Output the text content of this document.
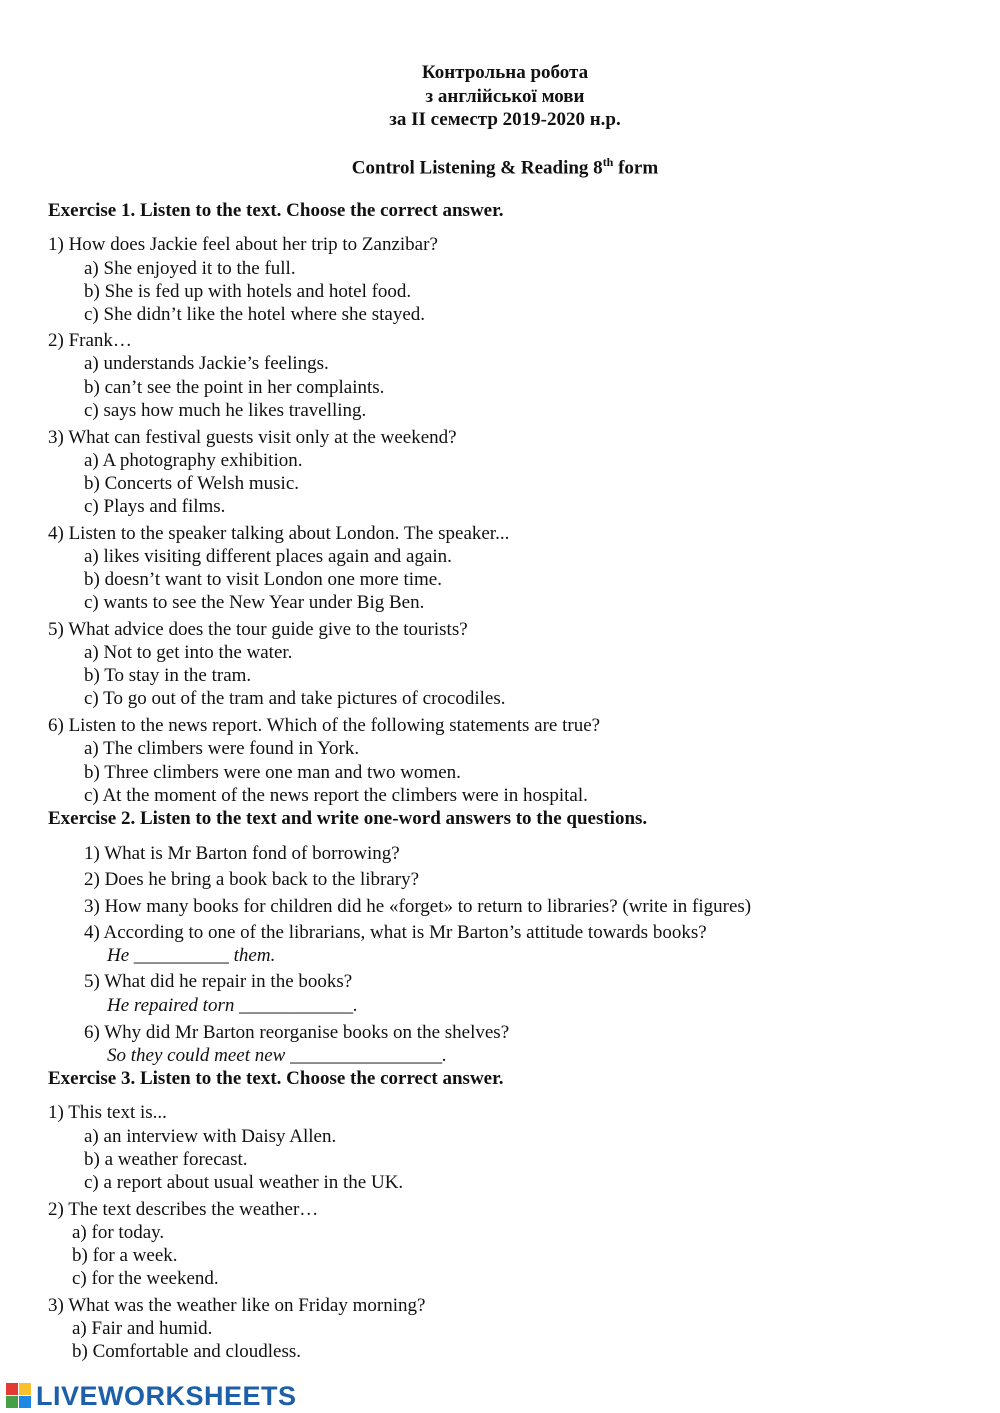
Контрольна робота
з англійської мови
за II семестр 2019-2020 н.р.
Control Listening & Reading 8th form
Exercise 1. Listen to the text. Choose the correct answer.
1) How does Jackie feel about her trip to Zanzibar?
a) She enjoyed it to the full.
b) She is fed up with hotels and hotel food.
c) She didn’t like the hotel where she stayed.
2) Frank…
a) understands Jackie’s feelings.
b) can’t see the point in her complaints.
c) says how much he likes travelling.
3) What can festival guests visit only at the weekend?
a) A photography exhibition.
b) Concerts of Welsh music.
c) Plays and films.
4) Listen to the speaker talking about London. The speaker...
a) likes visiting different places again and again.
b) doesn’t want to visit London one more time.
c) wants to see the New Year under Big Ben.
5) What advice does the tour guide give to the tourists?
a) Not to get into the water.
b) To stay in the tram.
c) To go out of the tram and take pictures of crocodiles.
6) Listen to the news report. Which of the following statements are true?
a) The climbers were found in York.
b) Three climbers were one man and two women.
c) At the moment of the news report the climbers were in hospital.
Exercise 2. Listen to the text and write one-word answers to the questions.
1) What is Mr Barton fond of borrowing?
2) Does he bring a book back to the library?
3) How many books for children did he «forget» to return to libraries? (write in figures)
4) According to one of the librarians, what is Mr Barton’s attitude towards books?
He __________ them.
5) What did he repair in the books?
He repaired torn ____________.
6) Why did Mr Barton reorganise books on the shelves?
So they could meet new ________________.
Exercise 3. Listen to the text. Choose the correct answer.
1) This text is...
a) an interview with Daisy Allen.
b) a weather forecast.
c) a report about usual weather in the UK.
2) The text describes the weather…
a) for today.
b) for a week.
c) for the weekend.
3) What was the weather like on Friday morning?
a) Fair and humid.
b) Comfortable and cloudless.
LIVEWORKSHEETS
